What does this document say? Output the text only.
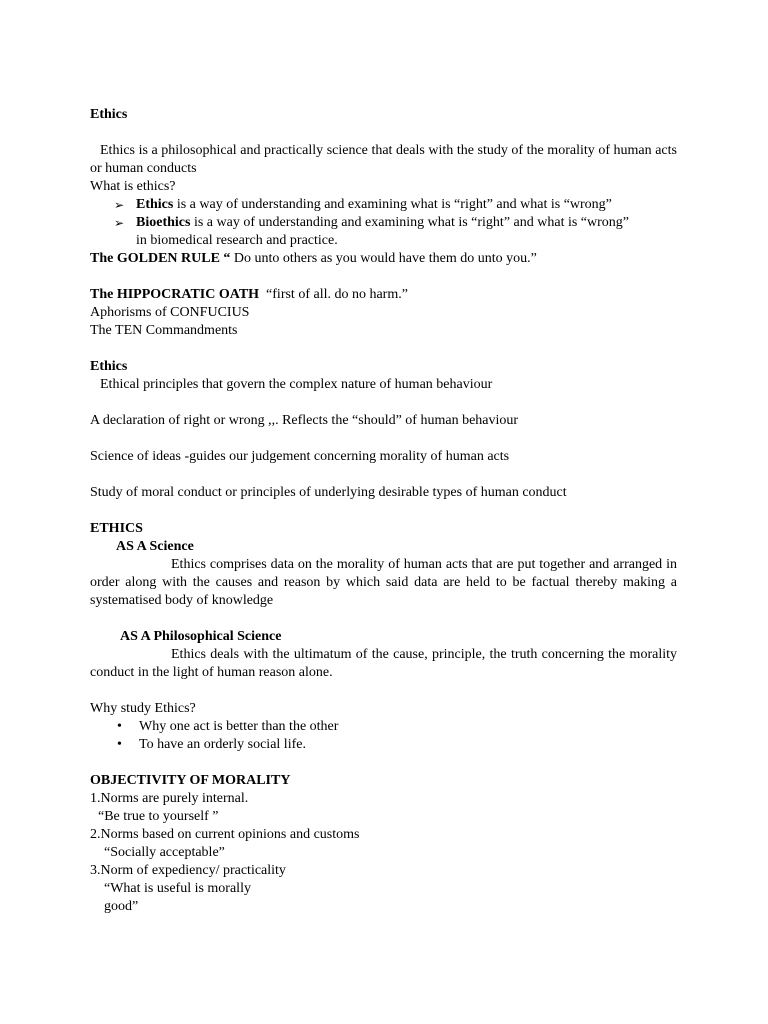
Ethics
Ethics is a philosophical and practically science that deals with the study of the morality of human acts or human conducts
What is ethics?
➢ Ethics is a way of understanding and examining what is “right” and what is “wrong”
➢ Bioethics is a way of understanding and examining what is “right” and what is “wrong”
in biomedical research and practice.
The GOLDEN RULE “ Do unto others as you would have them do unto you.”
The HIPPOCRATIC OATH  “first of all. do no harm.”
Aphorisms of CONFUCIUS
The TEN Commandments
Ethics
Ethical principles that govern the complex nature of human behaviour
A declaration of right or wrong ,,. Reflects the “should” of human behaviour
Science of ideas -guides our judgement concerning morality of human acts
Study of moral conduct or principles of underlying desirable types of human conduct
ETHICS
AS A Science
Ethics comprises data on the morality of human acts that are put together and arranged in order along with the causes and reason by which said data are held to be factual thereby making a systematised body of knowledge
AS A Philosophical Science
Ethics deals with the ultimatum of the cause, principle, the truth concerning the morality conduct in the light of human reason alone.
Why study Ethics?
• Why one act is better than the other
• To have an orderly social life.
OBJECTIVITY OF MORALITY
1.Norms are purely internal.
“Be true to yourself ”
2.Norms based on current opinions and customs
“Socially acceptable”
3.Norm of expediency/ practicality
“What is useful is morally
good”
